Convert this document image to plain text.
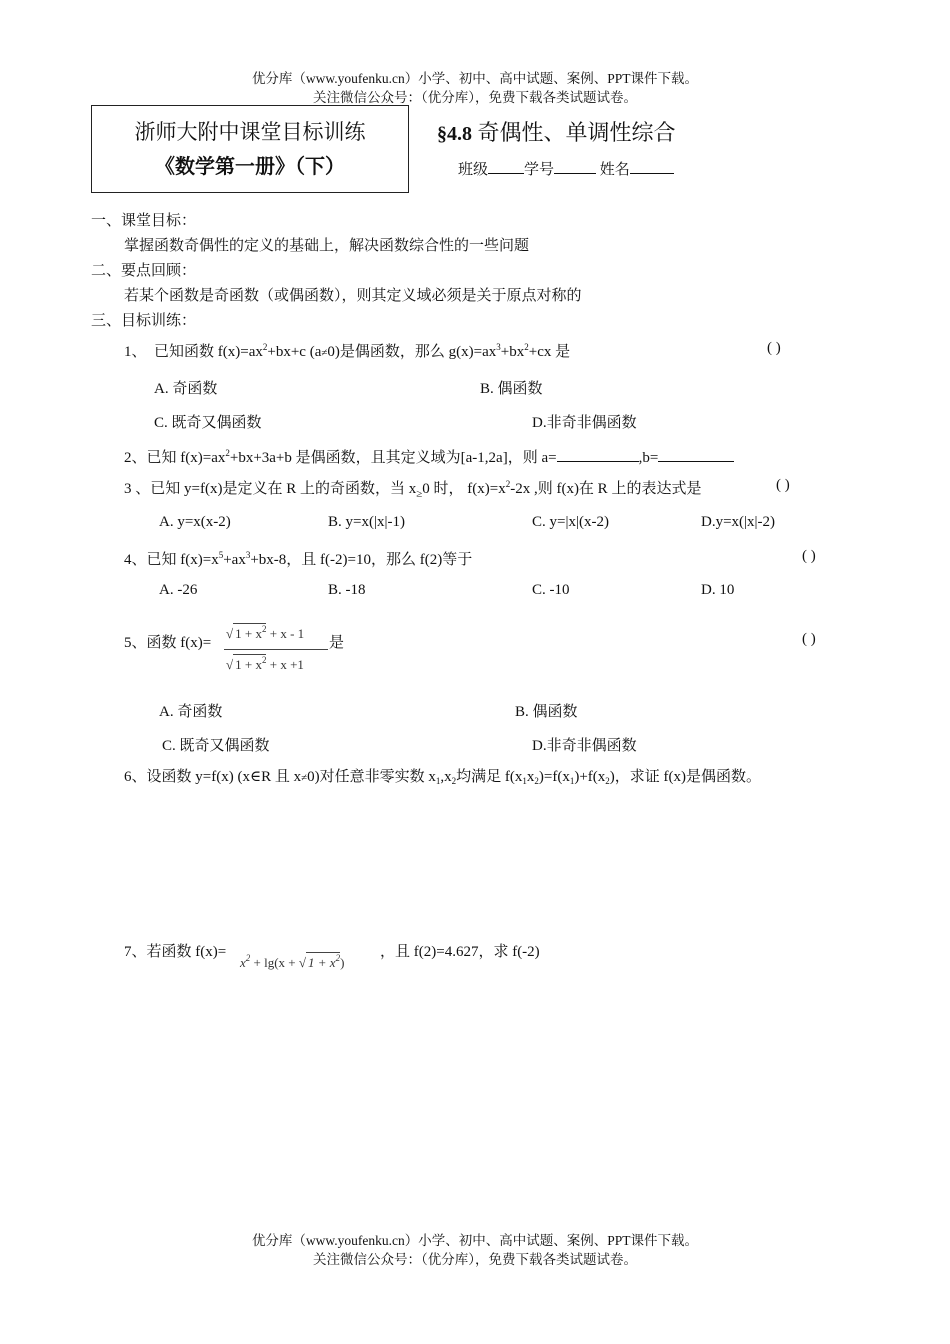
优分库（www.youfenku.cn）小学、初中、高中试题、案例、PPT课件下载。
关注微信公众号：（优分库），免费下载各类试题试卷。
浙师大附中课堂目标训练
《数学第一册》（下）
§4.8 奇偶性、单调性综合
班级 学号	姓名
一、课堂目标：
掌握函数奇偶性的定义的基础上，解决函数综合性的一些问题
二、要点回顾：
若某个函数是奇函数（或偶函数），则其定义域必须是关于原点对称的
三、目标训练：
1、 已知函数 $f(x)=ax^2+bx+c$ (a≠0)是偶函数，那么 $g(x)=ax^3+bx^2+cx$ 是	( )
A. 奇函数	B. 偶函数
C. 既奇又偶函数	D.非奇非偶函数
2、已知 $f(x)=ax^2+bx+3a+b$ 是偶函数，且其定义域为[a-1,2a]，则 a=	,b=
3 、已知 y=f(x)是定义在 R 上的奇函数，当 $x_\ge 0$ 时， $f(x)=x^2-2x$ ,则 f(x)在 R 上的表达式是	( )
A. y=x(x-2)	B. y=x(|x|-1)	C. y=|x|(x-2)	D.y=x(|x|-2)
4、已知 $f(x)=x^5+ax^3+bx-8$，且 f(-2)=10，那么 f(2)等于	( )
A. -26	B. -18	C. -10	D. 10
5、函数 f(x)=
√ $1 + x^2 + x - 1$
√ $1 + x^2 + x +1$
是	( )
A. 奇函数	B. 偶函数
C. 既奇又偶函数	D.非奇非偶函数
6、设函数 y=f(x) (x∈R 且 x≠0)对任意非零实数 $x_1,x_2$均满足 $f(x_1x_2)=f(x_1)+f(x_2)$，求证 f(x)是偶函数。
7、若函数 f(x)=
$x^2 + \lg(x$ + √ $1 + x^2$)
，且 f(2)=4.627，求 f(-2)
优分库（www.youfenku.cn）小学、初中、高中试题、案例、PPT课件下载。
关注微信公众号：（优分库），免费下载各类试题试卷。
